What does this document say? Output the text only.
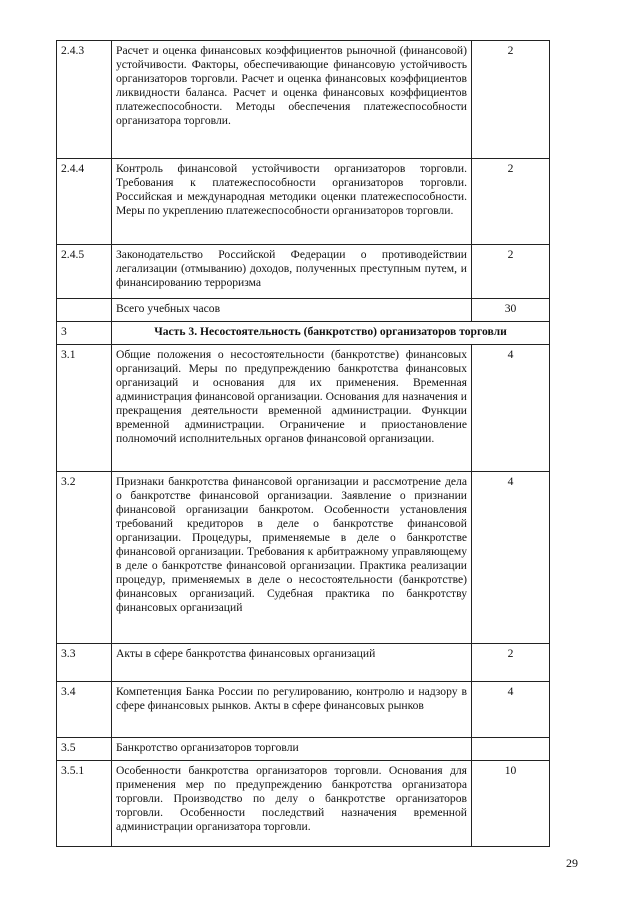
2.4.3	Расчет и оценка финансовых коэффициентов рыночной (финансовой) устойчивости. Факторы, обеспечивающие финансовую устойчивость организаторов торговли. Расчет и оценка финансовых коэффициентов ликвидности баланса. Расчет и оценка финансовых коэффициентов платежеспособности. Методы обеспечения платежеспособности организатора торговли.	2
2.4.4	Контроль финансовой устойчивости организаторов торговли. Требования к платежеспособности организаторов торговли. Российская и международная методики оценки платежеспособности. Меры по укреплению платежеспособности организаторов торговли.	2
2.4.5	Законодательство Российской Федерации о противодействии легализации (отмыванию) доходов, полученных преступным путем, и финансированию терроризма	2
	Всего учебных часов	30
3	Часть 3. Несостоятельность (банкротство) организаторов торговли	
3.1	Общие положения о несостоятельности (банкротстве) финансовых организаций. Меры по предупреждению банкротства финансовых организаций и основания для их применения. Временная администрация финансовой организации. Основания для назначения и прекращения деятельности временной администрации. Функции временной администрации. Ограничение и приостановление полномочий исполнительных органов финансовой организации.	4
3.2	Признаки банкротства финансовой организации и рассмотрение дела о банкротстве финансовой организации. Заявление о признании финансовой организации банкротом. Особенности установления требований кредиторов в деле о банкротстве финансовой организации. Процедуры, применяемые в деле о банкротстве финансовой организации. Требования к арбитражному управляющему в деле о банкротстве финансовой организации. Практика реализации процедур, применяемых в деле о несостоятельности (банкротстве) финансовых организаций. Судебная практика по банкротству финансовых организаций	4
3.3	Акты в сфере банкротства финансовых организаций	2
3.4	Компетенция Банка России по регулированию, контролю и надзору в сфере финансовых рынков. Акты в сфере финансовых рынков	4
3.5	Банкротство организаторов торговли	
3.5.1	Особенности банкротства организаторов торговли. Основания для применения мер по предупреждению банкротства организатора торговли. Производство по делу о банкротстве организаторов торговли. Особенности последствий назначения временной администрации организатора торговли.	10
29
